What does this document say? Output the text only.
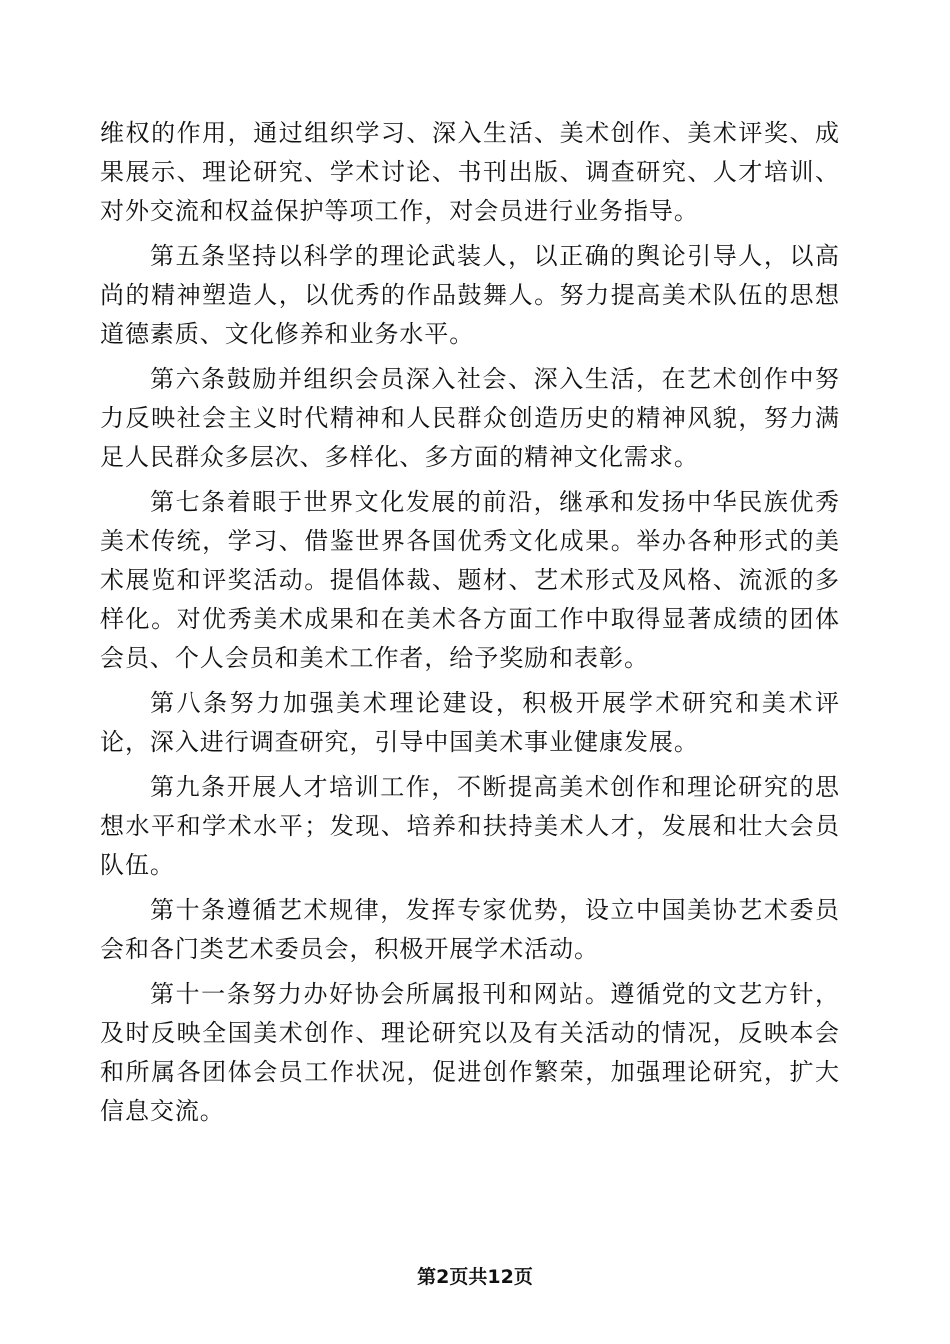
维权的作用，通过组织学习、深入生活、美术创作、美术评奖、成果展示、理论研究、学术讨论、书刊出版、调查研究、人才培训、对外交流和权益保护等项工作，对会员进行业务指导。

第五条坚持以科学的理论武装人，以正确的舆论引导人，以高尚的精神塑造人，以优秀的作品鼓舞人。努力提高美术队伍的思想道德素质、文化修养和业务水平。

第六条鼓励并组织会员深入社会、深入生活，在艺术创作中努力反映社会主义时代精神和人民群众创造历史的精神风貌，努力满足人民群众多层次、多样化、多方面的精神文化需求。

第七条着眼于世界文化发展的前沿，继承和发扬中华民族优秀美术传统，学习、借鉴世界各国优秀文化成果。举办各种形式的美术展览和评奖活动。提倡体裁、题材、艺术形式及风格、流派的多样化。对优秀美术成果和在美术各方面工作中取得显著成绩的团体会员、个人会员和美术工作者，给予奖励和表彰。

第八条努力加强美术理论建设，积极开展学术研究和美术评论，深入进行调查研究，引导中国美术事业健康发展。

第九条开展人才培训工作，不断提高美术创作和理论研究的思想水平和学术水平；发现、培养和扶持美术人才，发展和壮大会员队伍。

第十条遵循艺术规律，发挥专家优势，设立中国美协艺术委员会和各门类艺术委员会，积极开展学术活动。

第十一条努力办好协会所属报刊和网站。遵循党的文艺方针，及时反映全国美术创作、理论研究以及有关活动的情况，反映本会和所属各团体会员工作状况，促进创作繁荣，加强理论研究，扩大信息交流。

第2页共12页
